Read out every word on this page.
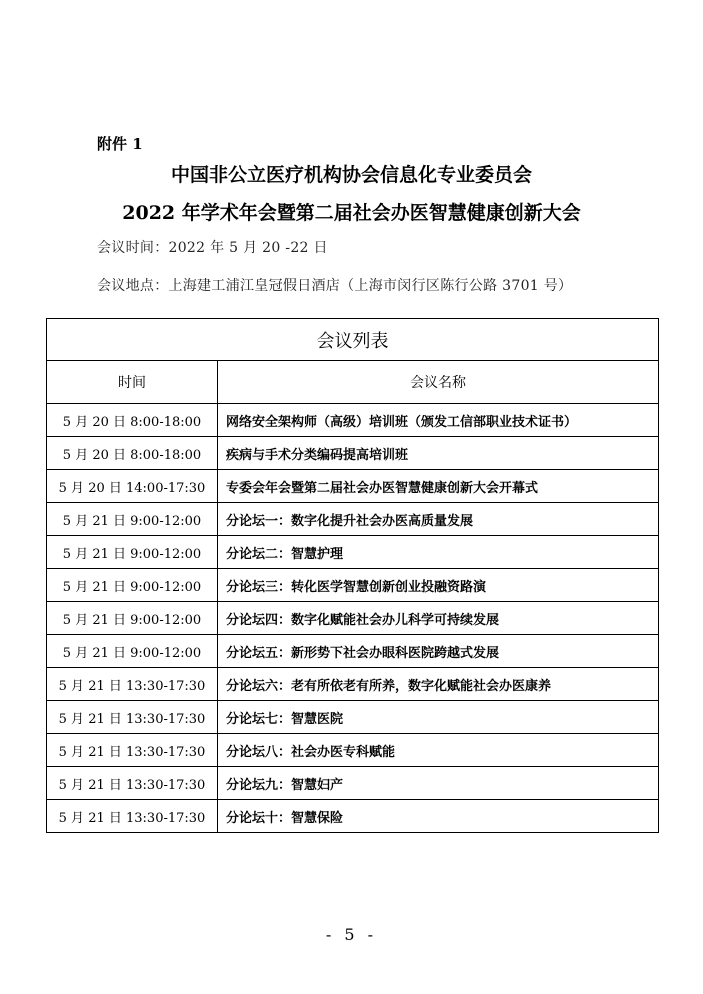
附件 1
中国非公立医疗机构协会信息化专业委员会
2022 年学术年会暨第二届社会办医智慧健康创新大会
会议时间：2022 年 5 月 20 -22 日
会议地点：上海建工浦江皇冠假日酒店（上海市闵行区陈行公路 3701 号）
会议列表	
时间	会议名称
5 月 20 日 8:00-18:00	网络安全架构师（高级）培训班（颁发工信部职业技术证书）
5 月 20 日 8:00-18:00	疾病与手术分类编码提高培训班
5 月 20 日 14:00-17:30	专委会年会暨第二届社会办医智慧健康创新大会开幕式
5 月 21 日 9:00-12:00	分论坛一：数字化提升社会办医高质量发展
5 月 21 日 9:00-12:00	分论坛二：智慧护理
5 月 21 日 9:00-12:00	分论坛三：转化医学智慧创新创业投融资路演
5 月 21 日 9:00-12:00	分论坛四：数字化赋能社会办儿科学可持续发展
5 月 21 日 9:00-12:00	分论坛五：新形势下社会办眼科医院跨越式发展
5 月 21 日 13:30-17:30	分论坛六：老有所依老有所养，数字化赋能社会办医康养
5 月 21 日 13:30-17:30	分论坛七：智慧医院
5 月 21 日 13:30-17:30	分论坛八：社会办医专科赋能
5 月 21 日 13:30-17:30	分论坛九：智慧妇产
5 月 21 日 13:30-17:30	分论坛十：智慧保险
- 5 -
